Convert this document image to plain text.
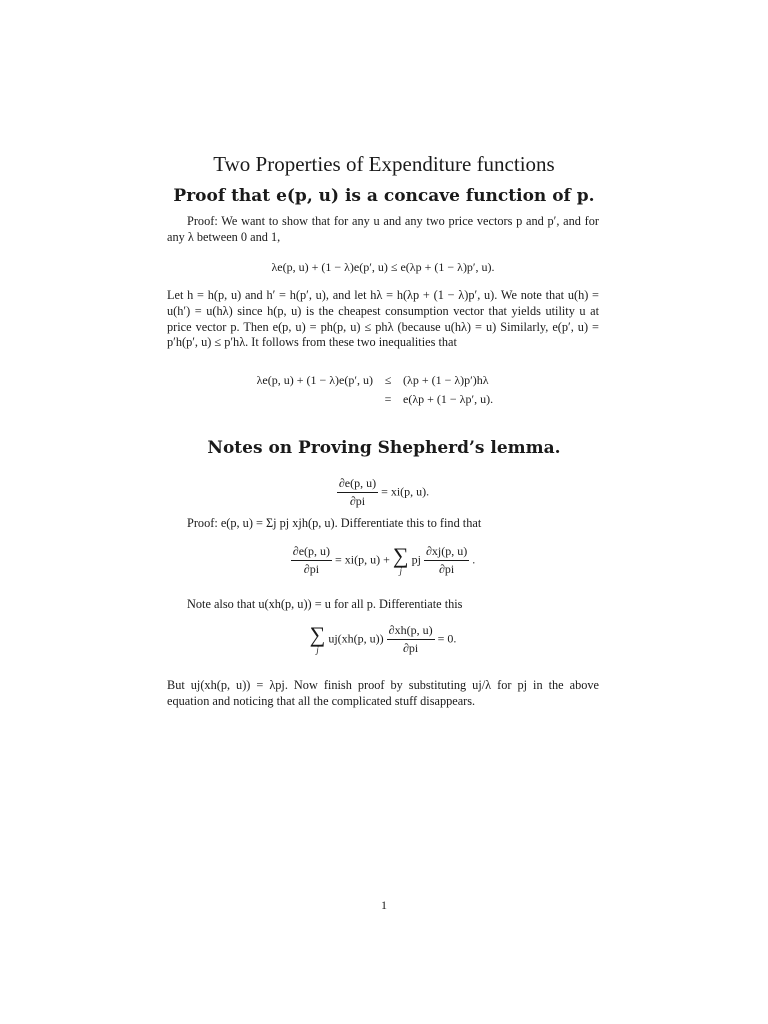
Two Properties of Expenditure functions
Proof that e(p, u) is a concave function of p.

Proof: We want to show that for any u and any two price vectors p and p′, and for any λ between 0 and 1,

λe(p, u) + (1 − λ)e(p′, u) ≤ e(λp + (1 − λ)p′, u).

Let h = h(p, u) and h′ = h(p′, u), and let hλ = h(λp + (1 − λ)p′, u). We note that u(h) = u(h′) = u(hλ) since h(p, u) is the cheapest consumption vector that yields utility u at price vector p. Then e(p, u) = ph(p, u) ≤ phλ (because u(hλ) = u) Similarly, e(p′, u) = p′h(p′, u) ≤ p′hλ. It follows from these two inequalities that

λe(p, u) + (1 − λ)e(p′, u) ≤ (λp + (1 − λ)p′)hλ
= e(λp + (1 − λp′, u).
Notes on Proving Shepherd’s lemma.
$\frac{\partial e(p, u)}{\partial pi} = xi(p$, u).

Proof: e(p, u) = Σj pj xjh(p, u). Differentiate this to find that

$\frac{\partial e(p, u)}{\partial pi} = xi(p$, u) + ∑
j
pj $\frac{\partial xj(p, u)}{\partial pi}$ .

Note also that u(xh(p, u)) = u for all p. Differentiate this

∑
j
uj(xh(p, $u)) \frac{\partial xh(p, u)}{\partial pi} = 0$.

But uj(xh(p, u)) = λpj. Now finish proof by substituting uj/λ for pj in the above equation and noticing that all the complicated stuff disappears.

1
